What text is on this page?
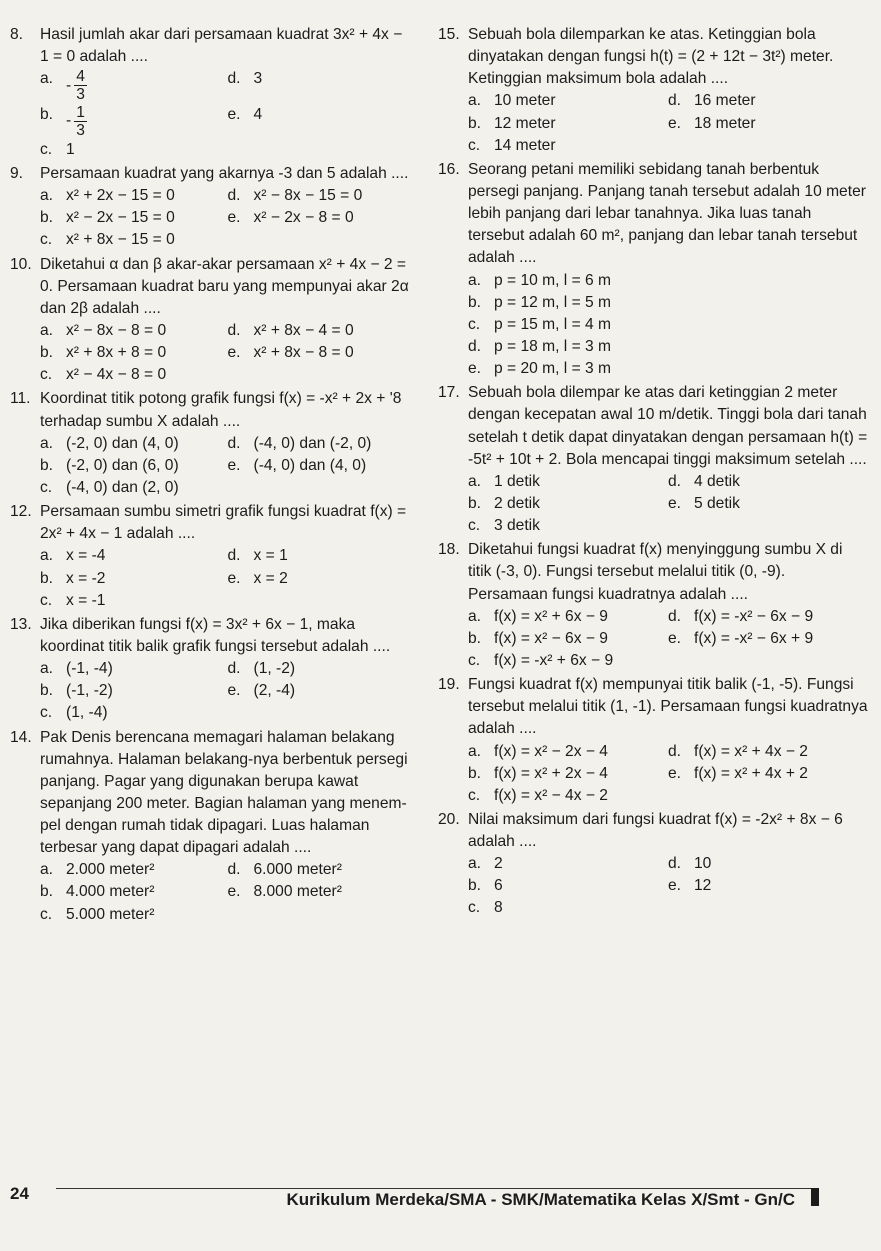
8.	Hasil jumlah akar dari persamaan kuadrat 3x² + 4x − 1 = 0 adalah ....
a. - $\frac{4}{3}$	d. 3
b. - $\frac{1}{3}$	e. 4
c. 1
9.	Persamaan kuadrat yang akarnya -3 dan 5 adalah ....
a. x² + 2x − 15 = 0	d. x² − 8x − 15 = 0
b. x² − 2x − 15 = 0	e. x² − 2x − 8 = 0
c. x² + 8x − 15 = 0
10. Diketahui α dan β akar-akar persamaan x² + 4x − 2 = 0. Persamaan kuadrat baru yang mempunyai akar 2α dan 2β adalah ....
a. x² − 8x − 8 = 0	d. x² + 8x − 4 = 0
b. x² + 8x + 8 = 0	e. x² + 8x − 8 = 0
c. x² − 4x − 8 = 0
11. Koordinat titik potong grafik fungsi f(x) = -x² + 2x + '8 terhadap sumbu X adalah ....
a. (-2, 0) dan (4, 0)	d. (-4, 0) dan (-2, 0)
b. (-2, 0) dan (6, 0)	e. (-4, 0) dan (4, 0)
c. (-4, 0) dan (2, 0)
12. Persamaan sumbu simetri grafik fungsi kuadrat f(x) = 2x² + 4x − 1 adalah ....
a. x = -4	d. x = 1
b. x = -2	e. x = 2
c. x = -1
13. Jika diberikan fungsi f(x) = 3x² + 6x − 1, maka koordinat titik balik grafik fungsi tersebut adalah ....
a. (-1, -4)	d. (1, -2)
b. (-1, -2)	e. (2, -4)
c. (1, -4)
14. Pak Denis berencana memagari halaman belakang rumahnya. Halaman belakang-nya berbentuk persegi panjang. Pagar yang digunakan berupa kawat sepanjang 200 meter. Bagian halaman yang menem-pel dengan rumah tidak dipagari. Luas halaman terbesar yang dapat dipagari adalah ....
a. 2.000 meter²	d. 6.000 meter²
b. 4.000 meter²	e. 8.000 meter²
c. 5.000 meter²
15. Sebuah bola dilemparkan ke atas. Ketinggian bola dinyatakan dengan fungsi h(t) = (2 + 12t − 3t²) meter. Ketinggian maksimum bola adalah ....
a. 10 meter	d. 16 meter
b. 12 meter	e. 18 meter
c. 14 meter
16. Seorang petani memiliki sebidang tanah berbentuk persegi panjang. Panjang tanah tersebut adalah 10 meter lebih panjang dari lebar tanahnya. Jika luas tanah tersebut adalah 60 m², panjang dan lebar tanah tersebut adalah ....
a. p = 10 m, l = 6 m
b. p = 12 m, l = 5 m
c. p = 15 m, l = 4 m
d. p = 18 m, l = 3 m
e. p = 20 m, l = 3 m
17. Sebuah bola dilempar ke atas dari ketinggian 2 meter dengan kecepatan awal 10 m/detik. Tinggi bola dari tanah setelah t detik dapat dinyatakan dengan persamaan h(t) = -5t² + 10t + 2. Bola mencapai tinggi maksimum setelah ....
a. 1 detik	d. 4 detik
b. 2 detik	e. 5 detik
c. 3 detik
18. Diketahui fungsi kuadrat f(x) menyinggung sumbu X di titik (-3, 0). Fungsi tersebut melalui titik (0, -9). Persamaan fungsi kuadratnya adalah ....
a. f(x) = x² + 6x − 9	d. f(x) = -x² − 6x − 9
b. f(x) = x² − 6x − 9	e. f(x) = -x² − 6x + 9
c. f(x) = -x² + 6x − 9
19. Fungsi kuadrat f(x) mempunyai titik balik (-1, -5). Fungsi tersebut melalui titik (1, -1). Persamaan fungsi kuadratnya adalah ....
a. f(x) = x² − 2x − 4	d. f(x) = x² + 4x − 2
b. f(x) = x² + 2x − 4	e. f(x) = x² + 4x + 2
c. f(x) = x² − 4x − 2
20. Nilai maksimum dari fungsi kuadrat f(x) = -2x² + 8x − 6 adalah ....
a. 2	d. 10
b. 6	e. 12
c. 8
24	Kurikulum Merdeka/SMA - SMK/Matematika Kelas X/Smt - Gn/C
